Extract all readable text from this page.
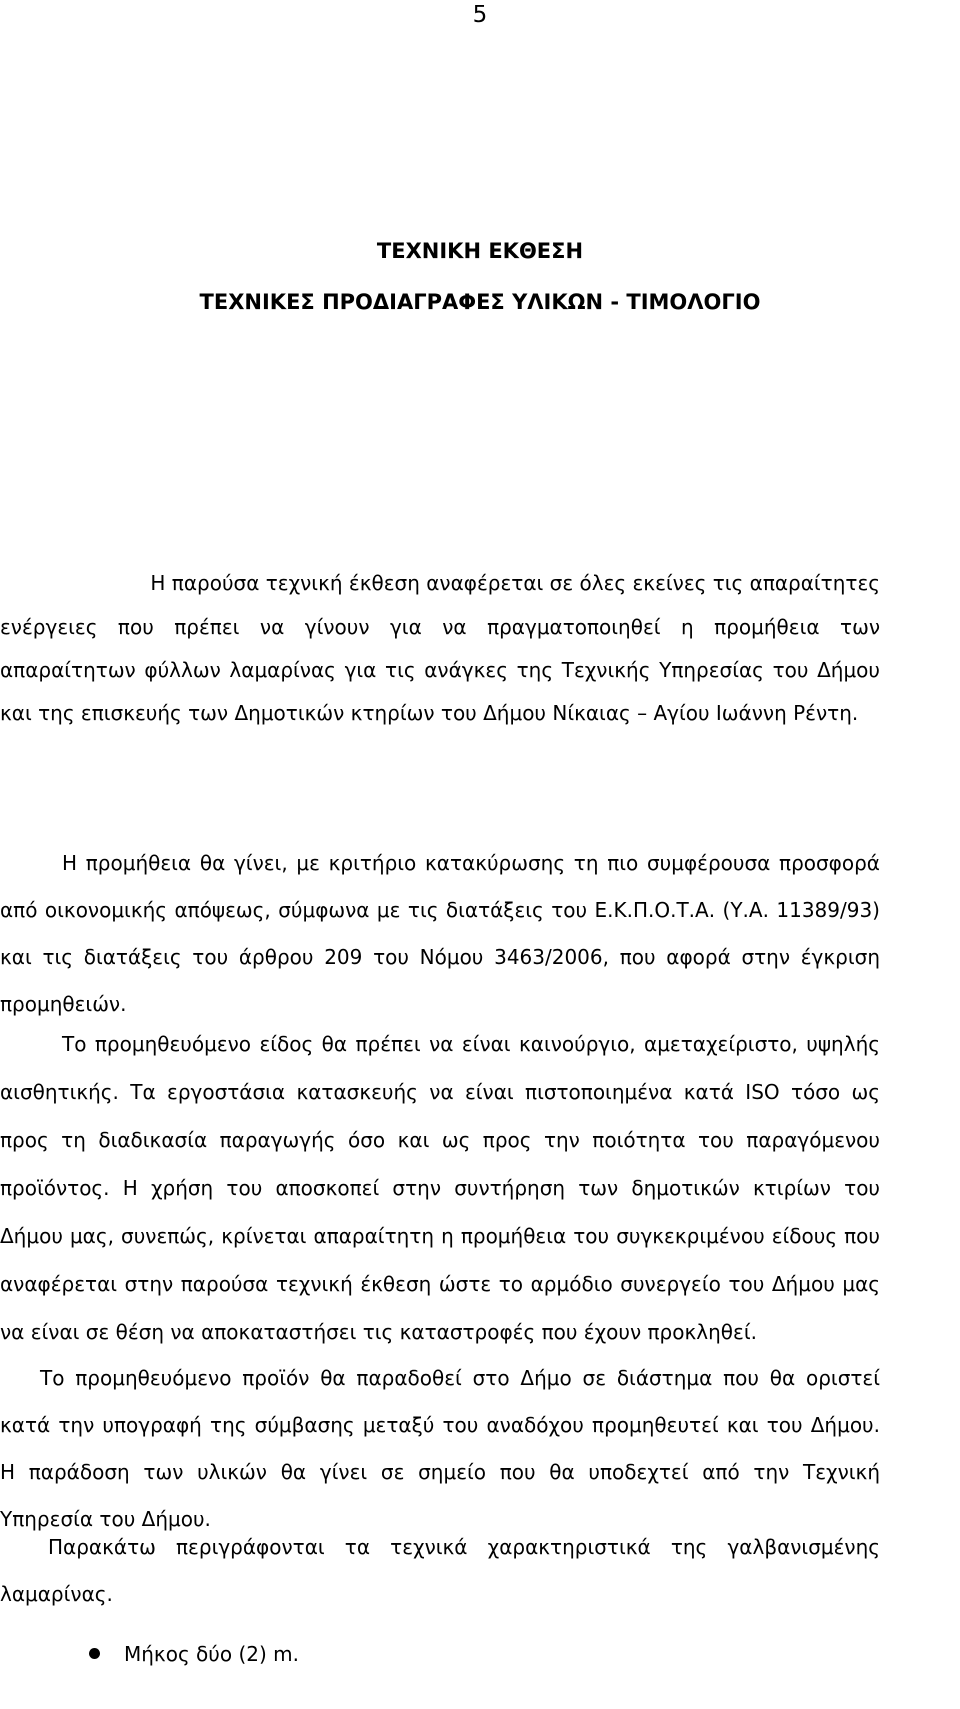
5
ΤΕΧΝΙΚΗ ΕΚΘΕΣΗ
ΤΕΧΝΙΚΕΣ ΠΡΟΔΙΑΓΡΑΦΕΣ ΥΛΙΚΩΝ - ΤΙΜΟΛΟΓΙΟ

Η παρούσα τεχνική έκθεση αναφέρεται σε όλες εκείνες τις απαραίτητες

ενέργειες που πρέπει να γίνουν για να πραγματοποιηθεί η προμήθεια των απαραίτητων φύλλων λαμαρίνας για τις ανάγκες της Τεχνικής Υπηρεσίας του Δήμου και της επισκευής των Δημοτικών κτηρίων του Δήμου Νίκαιας – Αγίου Ιωάννη Ρέντη.

Η προμήθεια θα γίνει, με κριτήριο κατακύρωσης τη πιο συμφέρουσα προσφορά από οικονομικής απόψεως, σύμφωνα με τις διατάξεις του Ε.Κ.Π.Ο.Τ.Α. (Υ.Α. 11389/93) και τις διατάξεις του άρθρου 209 του Νόμου 3463/2006, που αφορά στην έγκριση προμηθειών.

Το προμηθευόμενο είδος θα πρέπει να είναι καινούργιο, αμεταχείριστο, υψηλής αισθητικής. Τα εργοστάσια κατασκευής να είναι πιστοποιημένα κατά ISO τόσο ως προς τη διαδικασία παραγωγής όσο και ως προς την ποιότητα του παραγόμενου προϊόντος. Η χρήση του αποσκοπεί στην συντήρηση των δημοτικών κτιρίων του Δήμου μας, συνεπώς, κρίνεται απαραίτητη η προμήθεια του συγκεκριμένου είδους που αναφέρεται στην παρούσα τεχνική έκθεση ώστε το αρμόδιο συνεργείο του Δήμου μας να είναι σε θέση να αποκαταστήσει τις καταστροφές που έχουν προκληθεί.

Το προμηθευόμενο προϊόν θα παραδοθεί στο Δήμο σε διάστημα που θα οριστεί κατά την υπογραφή της σύμβασης μεταξύ του αναδόχου προμηθευτεί και του Δήμου. Η παράδοση των υλικών θα γίνει σε σημείο που θα υποδεχτεί από την Τεχνική Υπηρεσία του Δήμου.

Παρακάτω περιγράφονται τα τεχνικά χαρακτηριστικά της γαλβανισμένης λαμαρίνας.

Μήκος δύο (2) m.
